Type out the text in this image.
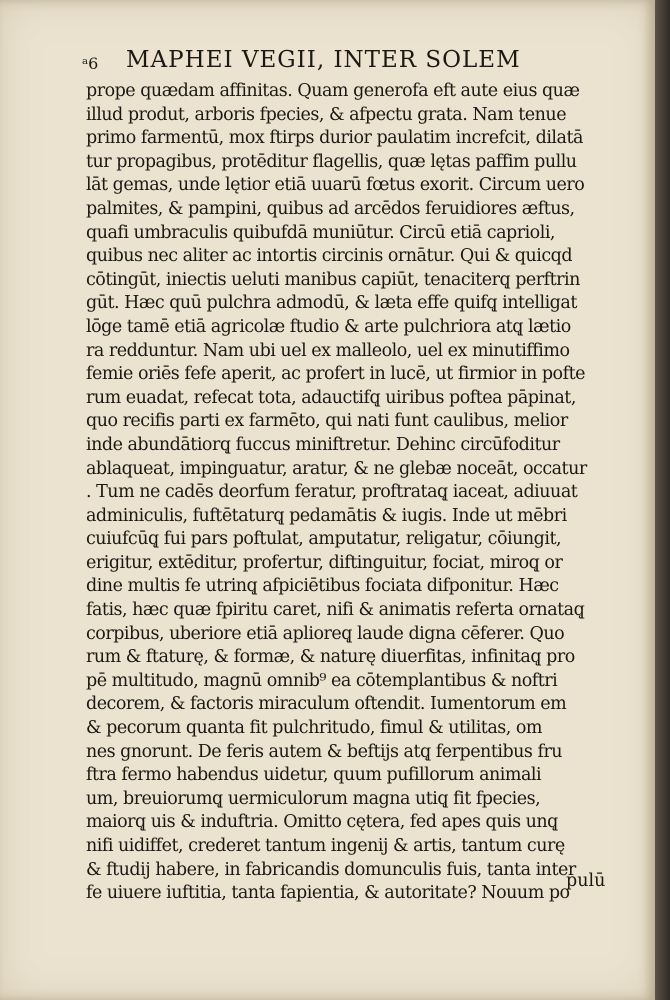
ᵃ6 MAPHEI VEGII, INTER SOLEM
prope quædam affinitas. Quam generofa eft aute eius quæ
illud produt, arboris fpecies, & afpectu grata. Nam tenue
primo farmentū, mox ftirps durior paulatim increfcit, dilatā
tur propagibus, protēditur flagellis, quæ lętas paffim pullu
lāt gemas, unde lętior etiā uuarū fœtus exorit. Circum uero
palmites, & pampini, quibus ad arcēdos feruidiores æftus,
quafi umbraculis quibufdā muniūtur. Circū etiā caprioli,
quibus nec aliter ac intortis circinis ornātur. Qui & quicqd
cōtingūt, iniectis ueluti manibus capiūt, tenaciterq̨ perftrin
gūt. Hæc quū pulchra admodū, & læta effe quifq̨ intelligat
lōge tamē etiā agricolæ ftudio & arte pulchriora atq̨ lætio
ra redduntur. Nam ubi uel ex malleolo, uel ex minutiffimo
femie oriēs fefe aperit, ac profert in lucē, ut firmior in pofte
rum euadat, refecat tota, adauctifq̨ uiribus poftea pāpinat,
quo recifis parti ex farmēto, qui nati funt caulibus, melior
inde abundātiorq̨ fuccus miniftretur. Dehinc circūfoditur
ablaqueat, impinguatur, aratur, & ne glebæ noceāt, occatur
. Tum ne cadēs deorfum feratur, proftrataq̨ iaceat, adiuuat
adminiculis, fuftētaturq̨ pedamātis & iugis. Inde ut mēbri
cuiufcūq̨ fui pars poftulat, amputatur, religatur, cōiungit,
erigitur, extēditur, profertur, diftinguitur, fociat, miroq̨ or
dine multis fe utrinq̨ afpiciētibus fociata difponitur. Hæc
fatis, hæc quæ fpiritu caret, nifi & animatis referta ornataq̨
corpibus, uberiore etiā aplioreq̨ laude digna cēferer. Quo
rum & ftaturę, & formæ, & naturę diuerfitas, infinitaq̨ pro
pē multitudo, magnū omnib⁹ ea cōtemplantibus & noftri
decorem, & factoris miraculum oftendit. Iumentorum em
& pecorum quanta fit pulchritudo, fimul & utilitas, om
nes gnorunt. De feris autem & beftijs atq̨ ferpentibus fru
ftra fermo habendus uidetur, quum pufillorum animali
um, breuiorumq̨ uermiculorum magna utiq̨ fit fpecies,
maiorq̨ uis & induftria. Omitto cętera, fed apes quis unq̨
nifi uidiffet, crederet tantum ingenij & artis, tantum curę
& ftudij habere, in fabricandis domunculis fuis, tanta inter
fe uiuere iuftitia, tanta fapientia, & autoritate? Nouum po
pulū
